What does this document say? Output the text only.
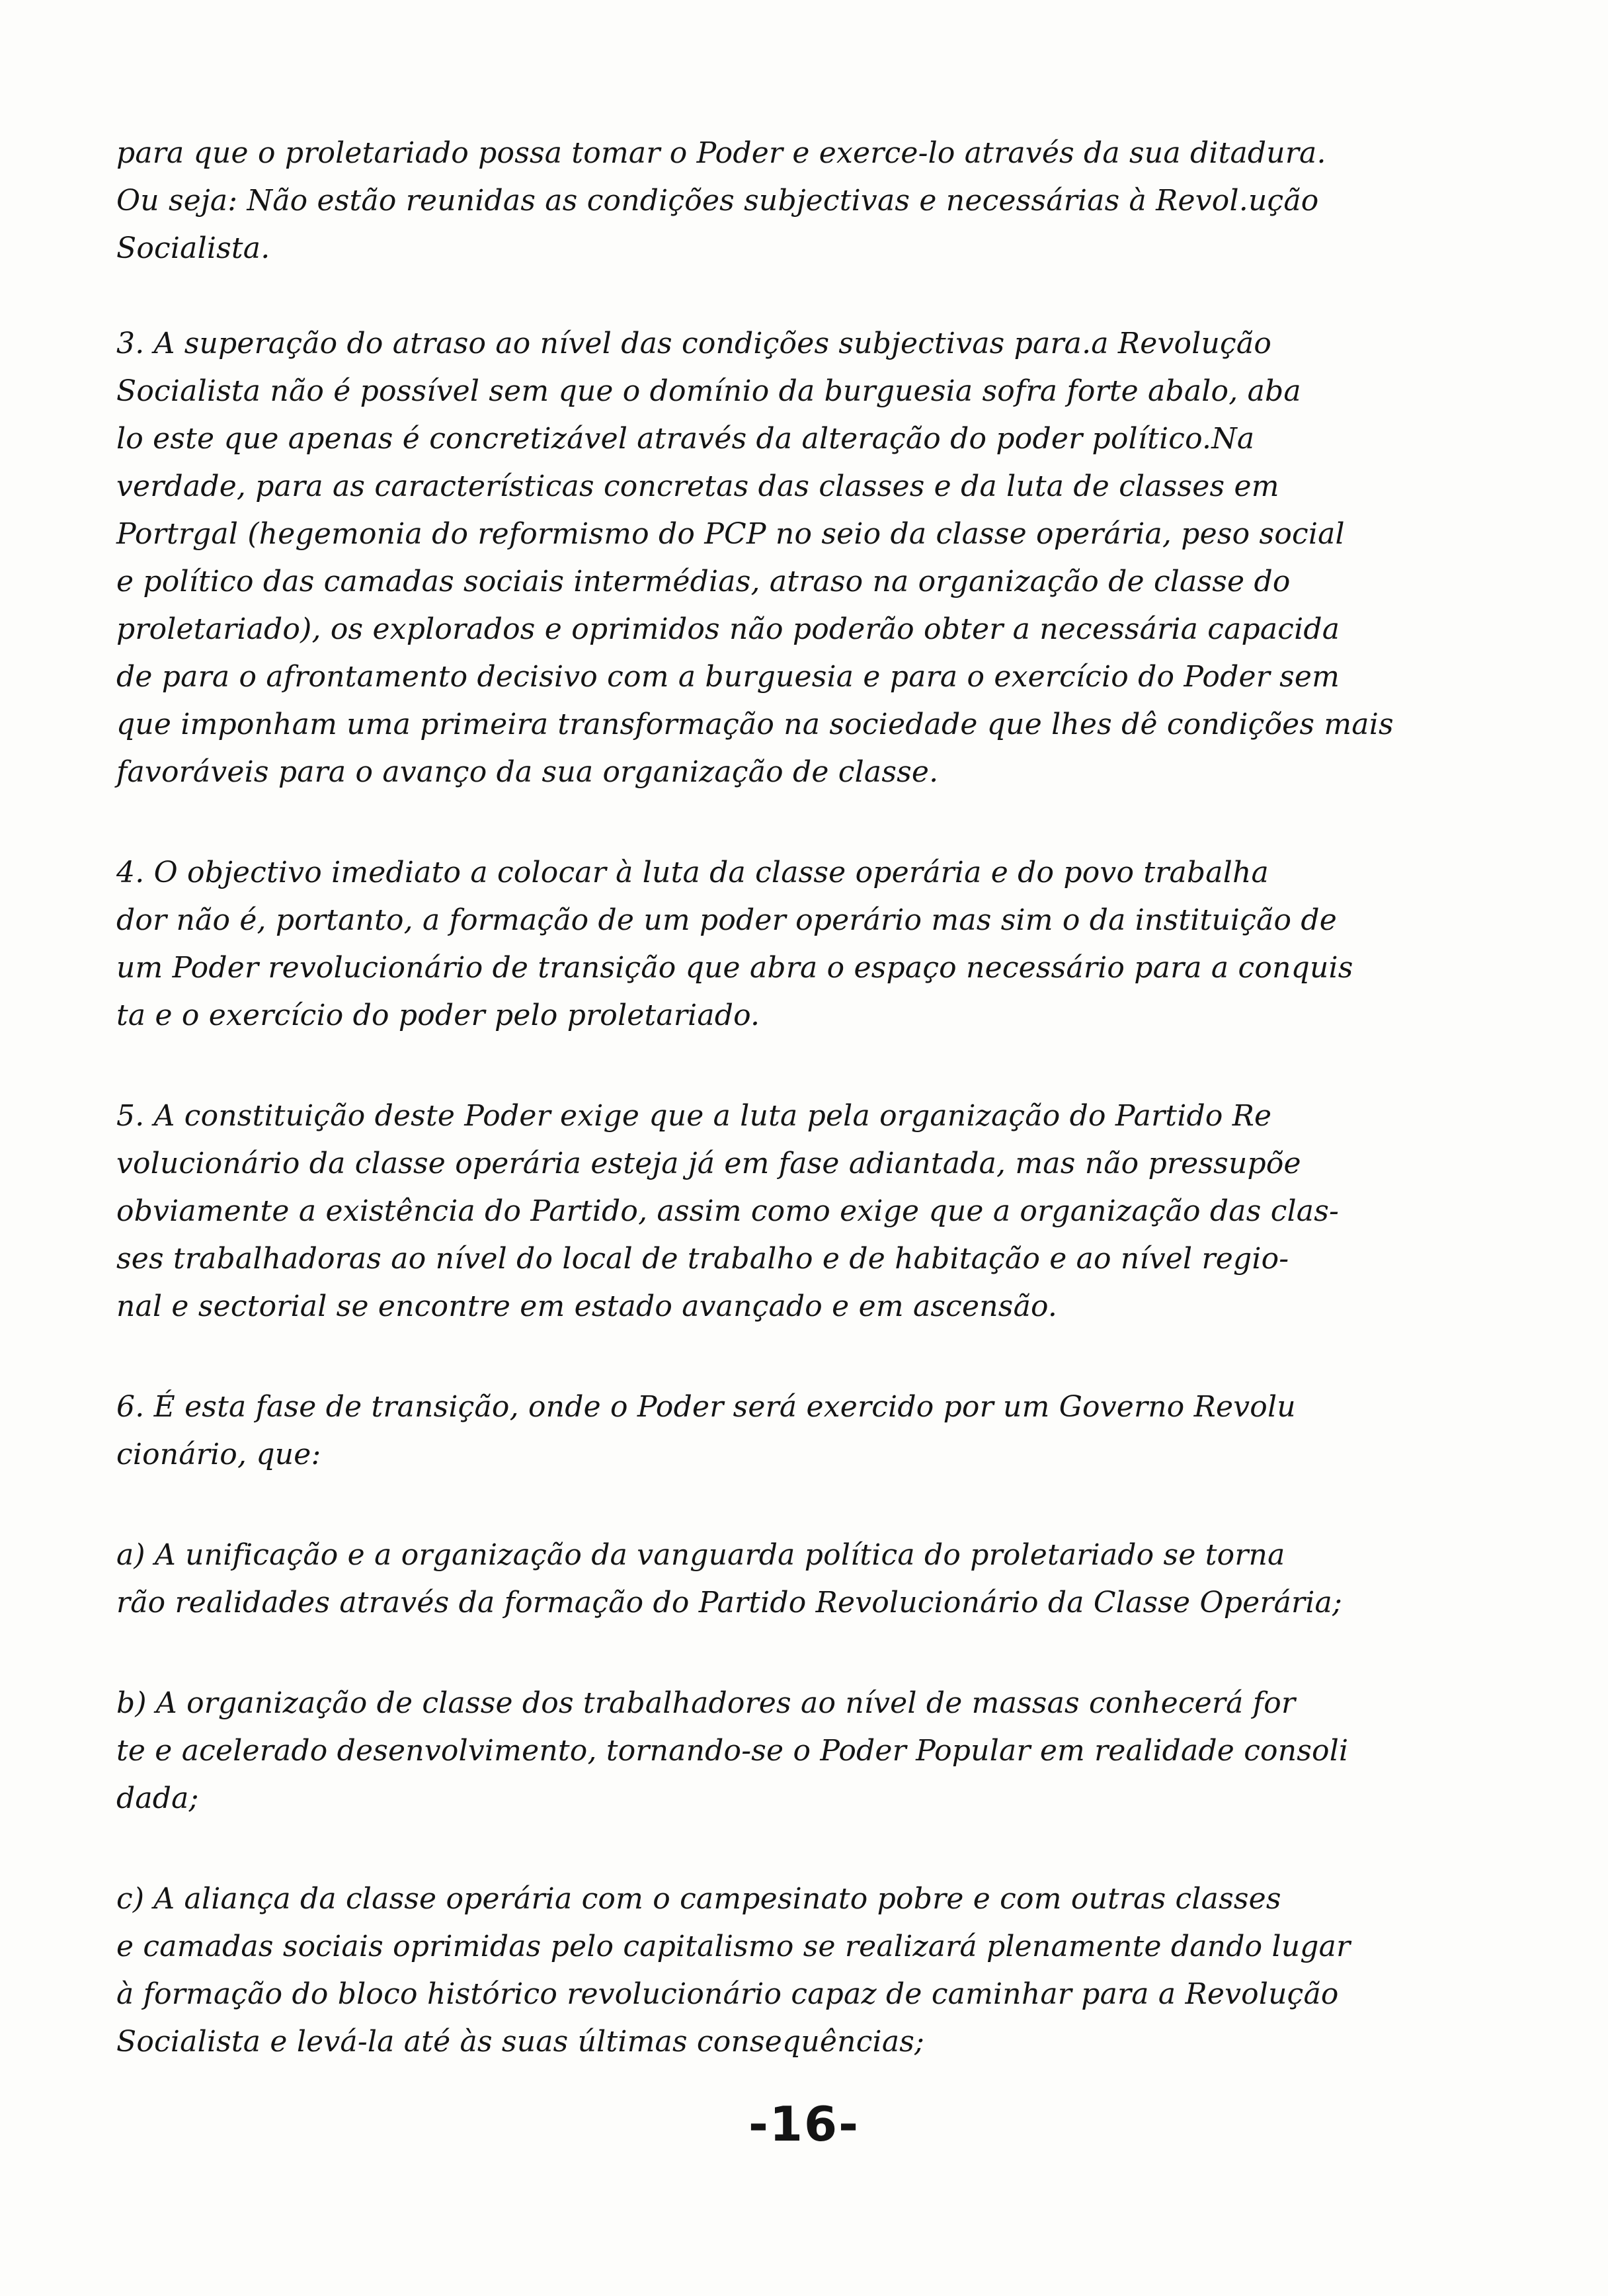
para que o proletariado possa tomar o Poder e exerce-lo através da sua ditadura.
Ou seja: Não estão reunidas as condições subjectivas e necessárias à Revol.ução
Socialista.

3. A superação do atraso ao nível das condições subjectivas para.a Revolução
Socialista não é possível sem que o domínio da burguesia sofra forte abalo, aba
lo este que apenas é concretizável através da alteração do poder político.Na
verdade, para as características concretas das classes e da luta de classes em
Portrgal (hegemonia do reformismo do PCP no seio da classe operária, peso social
e político das camadas sociais intermédias, atraso na organização de classe do
proletariado), os explorados e oprimidos não poderão obter a necessária capacida
de para o afrontamento decisivo com a burguesia e para o exercício do Poder sem
que imponham uma primeira transformação na sociedade que lhes dê condições mais
favoráveis para o avanço da sua organização de classe.

4. O objectivo imediato a colocar à luta da classe operária e do povo trabalha
dor não é, portanto, a formação de um poder operário mas sim o da instituição de
um Poder revolucionário de transição que abra o espaço necessário para a conquis
ta e o exercício do poder pelo proletariado.

5. A constituição deste Poder exige que a luta pela organização do Partido Re
volucionário da classe operária esteja já em fase adiantada, mas não pressupõe
obviamente a existência do Partido, assim como exige que a organização das clas-
ses trabalhadoras ao nível do local de trabalho e de habitação e ao nível regio-
nal e sectorial se encontre em estado avançado e em ascensão.

6. É esta fase de transição, onde o Poder será exercido por um Governo Revolu
cionário, que:

a) A unificação e a organização da vanguarda política do proletariado se torna
rão realidades através da formação do Partido Revolucionário da Classe Operária;

b) A organização de classe dos trabalhadores ao nível de massas conhecerá for
te e acelerado desenvolvimento, tornando-se o Poder Popular em realidade consoli
dada;

c) A aliança da classe operária com o campesinato pobre e com outras classes
e camadas sociais oprimidas pelo capitalismo se realizará plenamente dando lugar
à formação do bloco histórico revolucionário capaz de caminhar para a Revolução
Socialista e levá-la até às suas últimas consequências;

-16-
